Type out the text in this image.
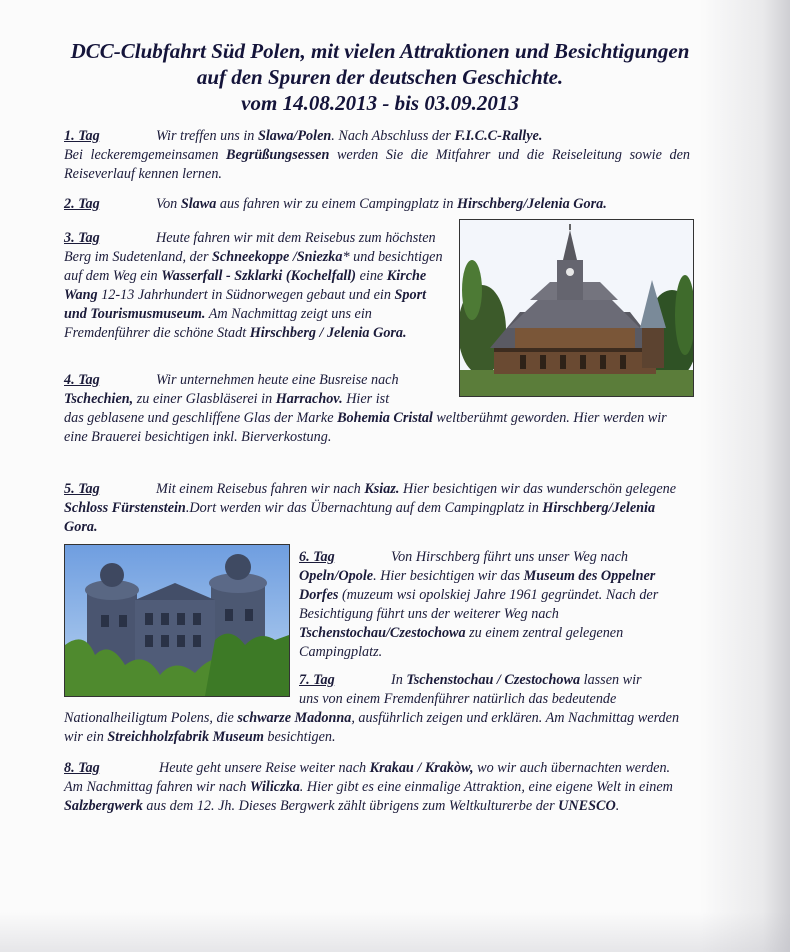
DCC-Clubfahrt Süd Polen, mit vielen Attraktionen und Besichtigungen
auf den Spuren der deutschen Geschichte.
vom 14.08.2013 - bis 03.09.2013

1. Tag	Wir treffen uns in Slawa/Polen. Nach Abschluss der F.I.C.C-Rallye.
Bei leckeremgemeinsamen Begrüßungsessen werden Sie die Mitfahrer und die Reiseleitung sowie den Reiseverlauf kennen lernen.

2. Tag	Von Slawa aus fahren wir zu einem Campingplatz in Hirschberg/Jelenia Gora.

3. Tag	Heute fahren wir mit dem Reisebus zum höchsten Berg im Sudetenland, der Schneekoppe /Sniezka* und besichtigen auf dem Weg ein Wasserfall - Szklarki (Kochelfall) eine Kirche Wang 12-13 Jahrhundert in Südnorwegen gebaut und ein Sport und Tourismusmuseum. Am Nachmittag zeigt uns ein Fremdenführer die schöne Stadt Hirschberg / Jelenia Gora.

4. Tag	Wir unternehmen heute eine Busreise nach
Tschechien, zu einer Glasbläserei in Harrachov. Hier ist

das geblasene und geschliffene Glas der Marke Bohemia Cristal weltberühmt geworden. Hier werden wir eine Brauerei besichtigen inkl. Bierverkostung.

5. Tag	Mit einem Reisebus fahren wir nach Ksiaz. Hier besichtigen wir das wunderschön gelegene Schloss Fürstenstein.Dort werden wir das Übernachtung auf dem Campingplatz in Hirschberg/Jelenia Gora.

6. Tag	Von Hirschberg führt uns unser Weg nach
Opeln/Opole. Hier besichtigen wir das Museum des Oppelner Dorfes (muzeum wsi opolskiej Jahre 1961 gegründet. Nach der Besichtigung führt uns der weiterer Weg nach Tschenstochau/Czestochowa zu einem zentral gelegenen Campingplatz.

7. Tag	In Tschenstochau / Czestochowa lassen wir
uns von einem Fremdenführer natürlich das bedeutende

Nationalheiligtum Polens, die schwarze Madonna, ausführlich zeigen und erklären. Am Nachmittag werden wir ein Streichholzfabrik Museum besichtigen.

8. Tag	Heute geht unsere Reise weiter nach Krakau / Krakòw, wo wir auch übernachten werden. Am Nachmittag fahren wir nach Wiliczka. Hier gibt es eine einmalige Attraktion, eine eigene Welt in einem Salzbergwerk aus dem 12. Jh. Dieses Bergwerk zählt übrigens zum Weltkulturerbe der UNESCO.
